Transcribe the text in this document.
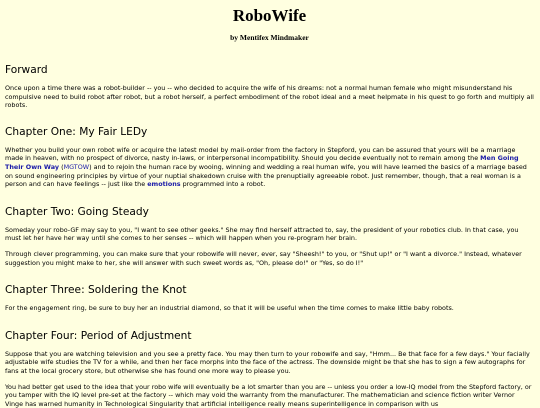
RoboWife

by Mentifex Mindmaker

Forward

Once upon a time there was a robot-builder -- you -- who decided to acquire the wife of his dreams: not a normal human female who might misunderstand his compulsive need to build robot after robot, but a robot herself, a perfect embodiment of the robot ideal and a meet helpmate in his quest to go forth and multiply all robots.

Chapter One: My Fair LEDy

Whether you build your own robot wife or acquire the latest model by mail-order from the factory in Stepford, you can be assured that yours will be a marriage made in heaven, with no prospect of divorce, nasty in-laws, or interpersonal incompatibility. Should you decide eventually not to remain among the Men Going Their Own Way (MGTOW) and to rejoin the human race by wooing, winning and wedding a real human wife, you will have learned the basics of a marriage based on sound engineering principles by virtue of your nuptial shakedown cruise with the prenuptially agreeable robot. Just remember, though, that a real woman is a person and can have feelings -- just like the emotions programmed into a robot.

Chapter Two: Going Steady

Someday your robo-GF may say to you, "I want to see other geeks." She may find herself attracted to, say, the president of your robotics club. In that case, you must let her have her way until she comes to her senses -- which will happen when you re-program her brain.

Through clever programming, you can make sure that your robowife will never, ever, say "Sheesh!" to you, or "Shut up!" or "I want a divorce." Instead, whatever suggestion you might make to her, she will answer with such sweet words as, "Oh, please do!" or "Yes, so do I!"

Chapter Three: Soldering the Knot

For the engagement ring, be sure to buy her an industrial diamond, so that it will be useful when the time comes to make little baby robots.

Chapter Four: Period of Adjustment

Suppose that you are watching television and you see a pretty face. You may then turn to your robowife and say, "Hmm... Be that face for a few days." Your facially adjustable wife studies the TV for a while, and then her face morphs into the face of the actress. The downside might be that she has to sign a few autographs for fans at the local grocery store, but otherwise she has found one more way to please you.

You had better get used to the idea that your robo wife will eventually be a lot smarter than you are -- unless you order a low-IQ model from the Stepford factory, or you tamper with the IQ level pre-set at the factory -- which may void the warranty from the manufacturer. The mathematician and science fiction writer Vernor Vinge has warned humanity in Technological Singularity that artificial intelligence really means superintelligence in comparison with us
